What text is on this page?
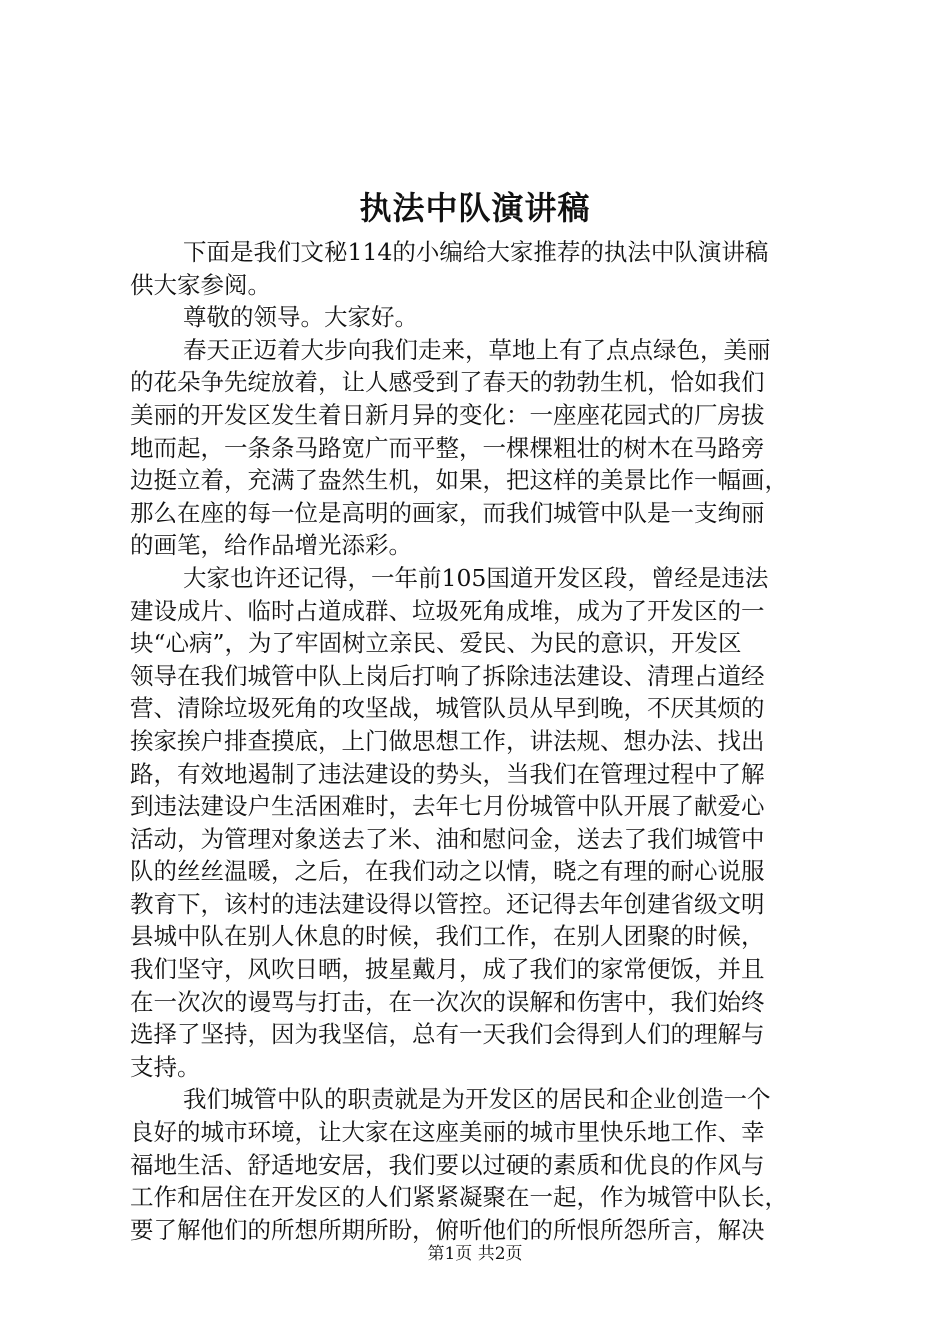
执法中队演讲稿
下面是我们文秘114的小编给大家推荐的执法中队演讲稿
供大家参阅。
尊敬的领导。大家好。
春天正迈着大步向我们走来，草地上有了点点绿色，美丽
的花朵争先绽放着，让人感受到了春天的勃勃生机，恰如我们
美丽的开发区发生着日新月异的变化：一座座花园式的厂房拔
地而起，一条条马路宽广而平整，一棵棵粗壮的树木在马路旁
边挺立着，充满了盎然生机，如果，把这样的美景比作一幅画，
那么在座的每一位是高明的画家，而我们城管中队是一支绚丽
的画笔，给作品增光添彩。
大家也许还记得，一年前105国道开发区段，曾经是违法
建设成片、临时占道成群、垃圾死角成堆，成为了开发区的一
块“心病”，为了牢固树立亲民、爱民、为民的意识，开发区
领导在我们城管中队上岗后打响了拆除违法建设、清理占道经
营、清除垃圾死角的攻坚战，城管队员从早到晚，不厌其烦的
挨家挨户排查摸底，上门做思想工作，讲法规、想办法、找出
路，有效地遏制了违法建设的势头，当我们在管理过程中了解
到违法建设户生活困难时，去年七月份城管中队开展了献爱心
活动，为管理对象送去了米、油和慰问金，送去了我们城管中
队的丝丝温暖，之后，在我们动之以情，晓之有理的耐心说服
教育下，该村的违法建设得以管控。还记得去年创建省级文明
县城中队在别人休息的时候，我们工作，在别人团聚的时候，
我们坚守，风吹日晒，披星戴月，成了我们的家常便饭，并且
在一次次的谩骂与打击，在一次次的误解和伤害中，我们始终
选择了坚持，因为我坚信，总有一天我们会得到人们的理解与
支持。
我们城管中队的职责就是为开发区的居民和企业创造一个
良好的城市环境，让大家在这座美丽的城市里快乐地工作、幸
福地生活、舒适地安居，我们要以过硬的素质和优良的作风与
工作和居住在开发区的人们紧紧凝聚在一起，作为城管中队长，
要了解他们的所想所期所盼，俯听他们的所恨所怨所言，解决
第1页 共2页
